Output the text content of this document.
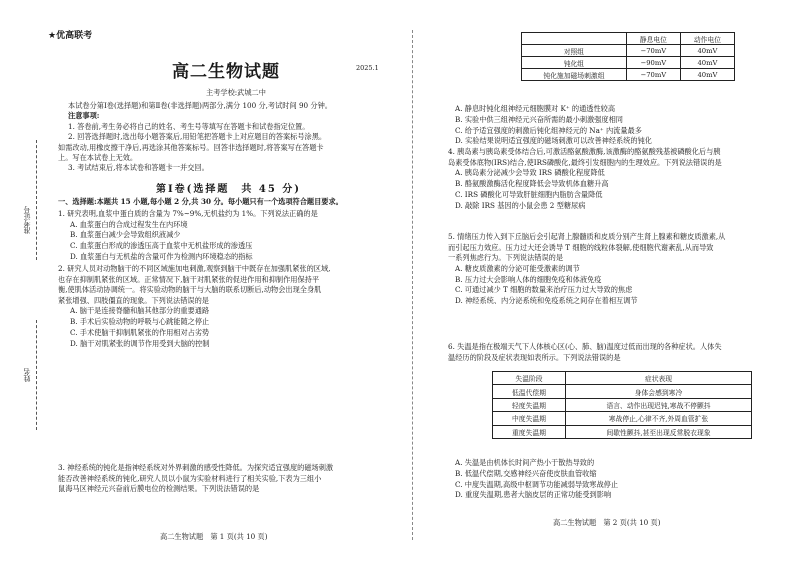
★优高联考
高二生物试题	2025.1
主考学校:武城二中
本试卷分第Ⅰ卷(选择题)和第Ⅱ卷(非选择题)两部分,满分 100 分,考试时间 90 分钟。
注意事项:
1. 答卷前,考生务必将自己的姓名、考生号等填写在答题卡和试卷指定位置。
2. 回答选择题时,选出每小题答案后,用铅笔把答题卡上对应题目的答案标号涂黑。
如需改动,用橡皮擦干净后,再选涂其他答案标号。回答非选择题时,将答案写在答题卡
上。写在本试卷上无效。
3. 考试结束后,将本试卷和答题卡一并交回。
第Ⅰ卷(选择题　共 45 分)
一、选择题:本题共 15 小题,每小题 2 分,共 30 分。每小题只有一个选项符合题目要求。
1. 研究表明,血浆中蛋白质的含量为 7%~9%,无机盐约为 1%。下列说法正确的是
A. 血浆蛋白的合成过程发生在内环境
B. 血浆蛋白减少会导致组织液减少
C. 血浆蛋白形成的渗透压高于血浆中无机盐形成的渗透压
D. 血浆蛋白与无机盐的含量可作为检测内环境稳态的指标
2. 研究人员对动物脑干的不同区域施加电刺激,观察到脑干中既存在加强肌紧张的区域,
也存在抑制肌紧张的区域。正常情况下,脑干对肌紧张的促进作用和抑制作用保持平
衡,使肌体活动协调统一。将实验动物的脑干与大脑的联系切断后,动物会出现全身肌
紧张增强、四肢僵直的现象。下列说法错误的是
A. 脑干是连接脊髓和脑其他部分的重要通路
B. 手术后实验动物的呼吸与心跳能随之停止
C. 手术使脑干抑制肌紧张的作用相对占劣势
D. 脑干对肌紧张的调节作用受到大脑的控制
3. 神经系统的钝化是指神经系统对外界刺激的感受性降低。为探究适宜强度的磁场刺激
能否改善神经系统的钝化,研究人员以小鼠为实验材料进行了相关实验,下表为三组小
鼠海马区神经元兴奋前后膜电位的检测结果。下列说法错误的是
准考证号
姓名
高二生物试题　第 1 页(共 10 页)
	静息电位	动作电位
对照组	−70mV	40mV
钝化组	−90mV	40mV
钝化施加磁场刺激组	−70mV	40mV
A. 静息时钝化组神经元细胞膜对 K⁺ 的通透性较高
B. 实验中供三组神经元兴奋所需的最小刺激强度相同
C. 给予适宜强度的刺激后钝化组神经元的 Na⁺ 内流量最多
D. 实验结果说明适宜强度的磁场刺激可以改善神经系统的钝化
4. 胰岛素与胰岛素受体结合后,可激活酪氨酸激酶,该激酶的酪氨酸残基被磷酸化后与胰
岛素受体底物(IRS)结合,使IRS磷酸化,最终引发细胞内的生理效应。下列说法错误的是
A. 胰岛素分泌减少会导致 IRS 磷酸化程度降低
B. 酪氨酸激酶活化程度降低会导致机体血糖升高
C. IRS 磷酸化可导致肝脏细胞内脂肪含量降低
D. 敲除 IRS 基因的小鼠会患 2 型糖尿病
5. 情绪压力传入到下丘脑后会引起肾上腺髓质和皮质分别产生肾上腺素和糖皮质激素,从
而引起压力效应。压力过大还会诱导 T 细胞的线粒体裂解,使细胞代谢紊乱,从而导致
一系列焦虑行为。下列说法错误的是
A. 糖皮质激素的分泌可能受激素的调节
B. 压力过大会影响人体的细胞免疫和体液免疫
C. 可通过减少 T 细胞的数量来治疗压力过大导致的焦虑
D. 神经系统、内分泌系统和免疫系统之间存在着相互调节
6. 失温是指在极端天气下人体核心区(心、肺、脑)温度过低而出现的各种症状。人体失
温经历的阶段及症状表现如表所示。下列说法错误的是
失温阶段	症状表现
低温代偿期	身体会感到寒冷
轻度失温期	语言、动作出现迟钝,寒战不停颤抖
中度失温期	寒战停止,心律不齐,外周血管扩张
重度失温期	间歇性颤抖,甚至出现反常脱衣现象
A. 失温是由机体长时间产热小于散热导致的
B. 低温代偿期,交感神经兴奋使皮肤血管收缩
C. 中度失温期,高级中枢调节功能减弱导致寒战停止
D. 重度失温期,患者大脑皮层的正常功能受到影响
高二生物试题　第 2 页(共 10 页)
